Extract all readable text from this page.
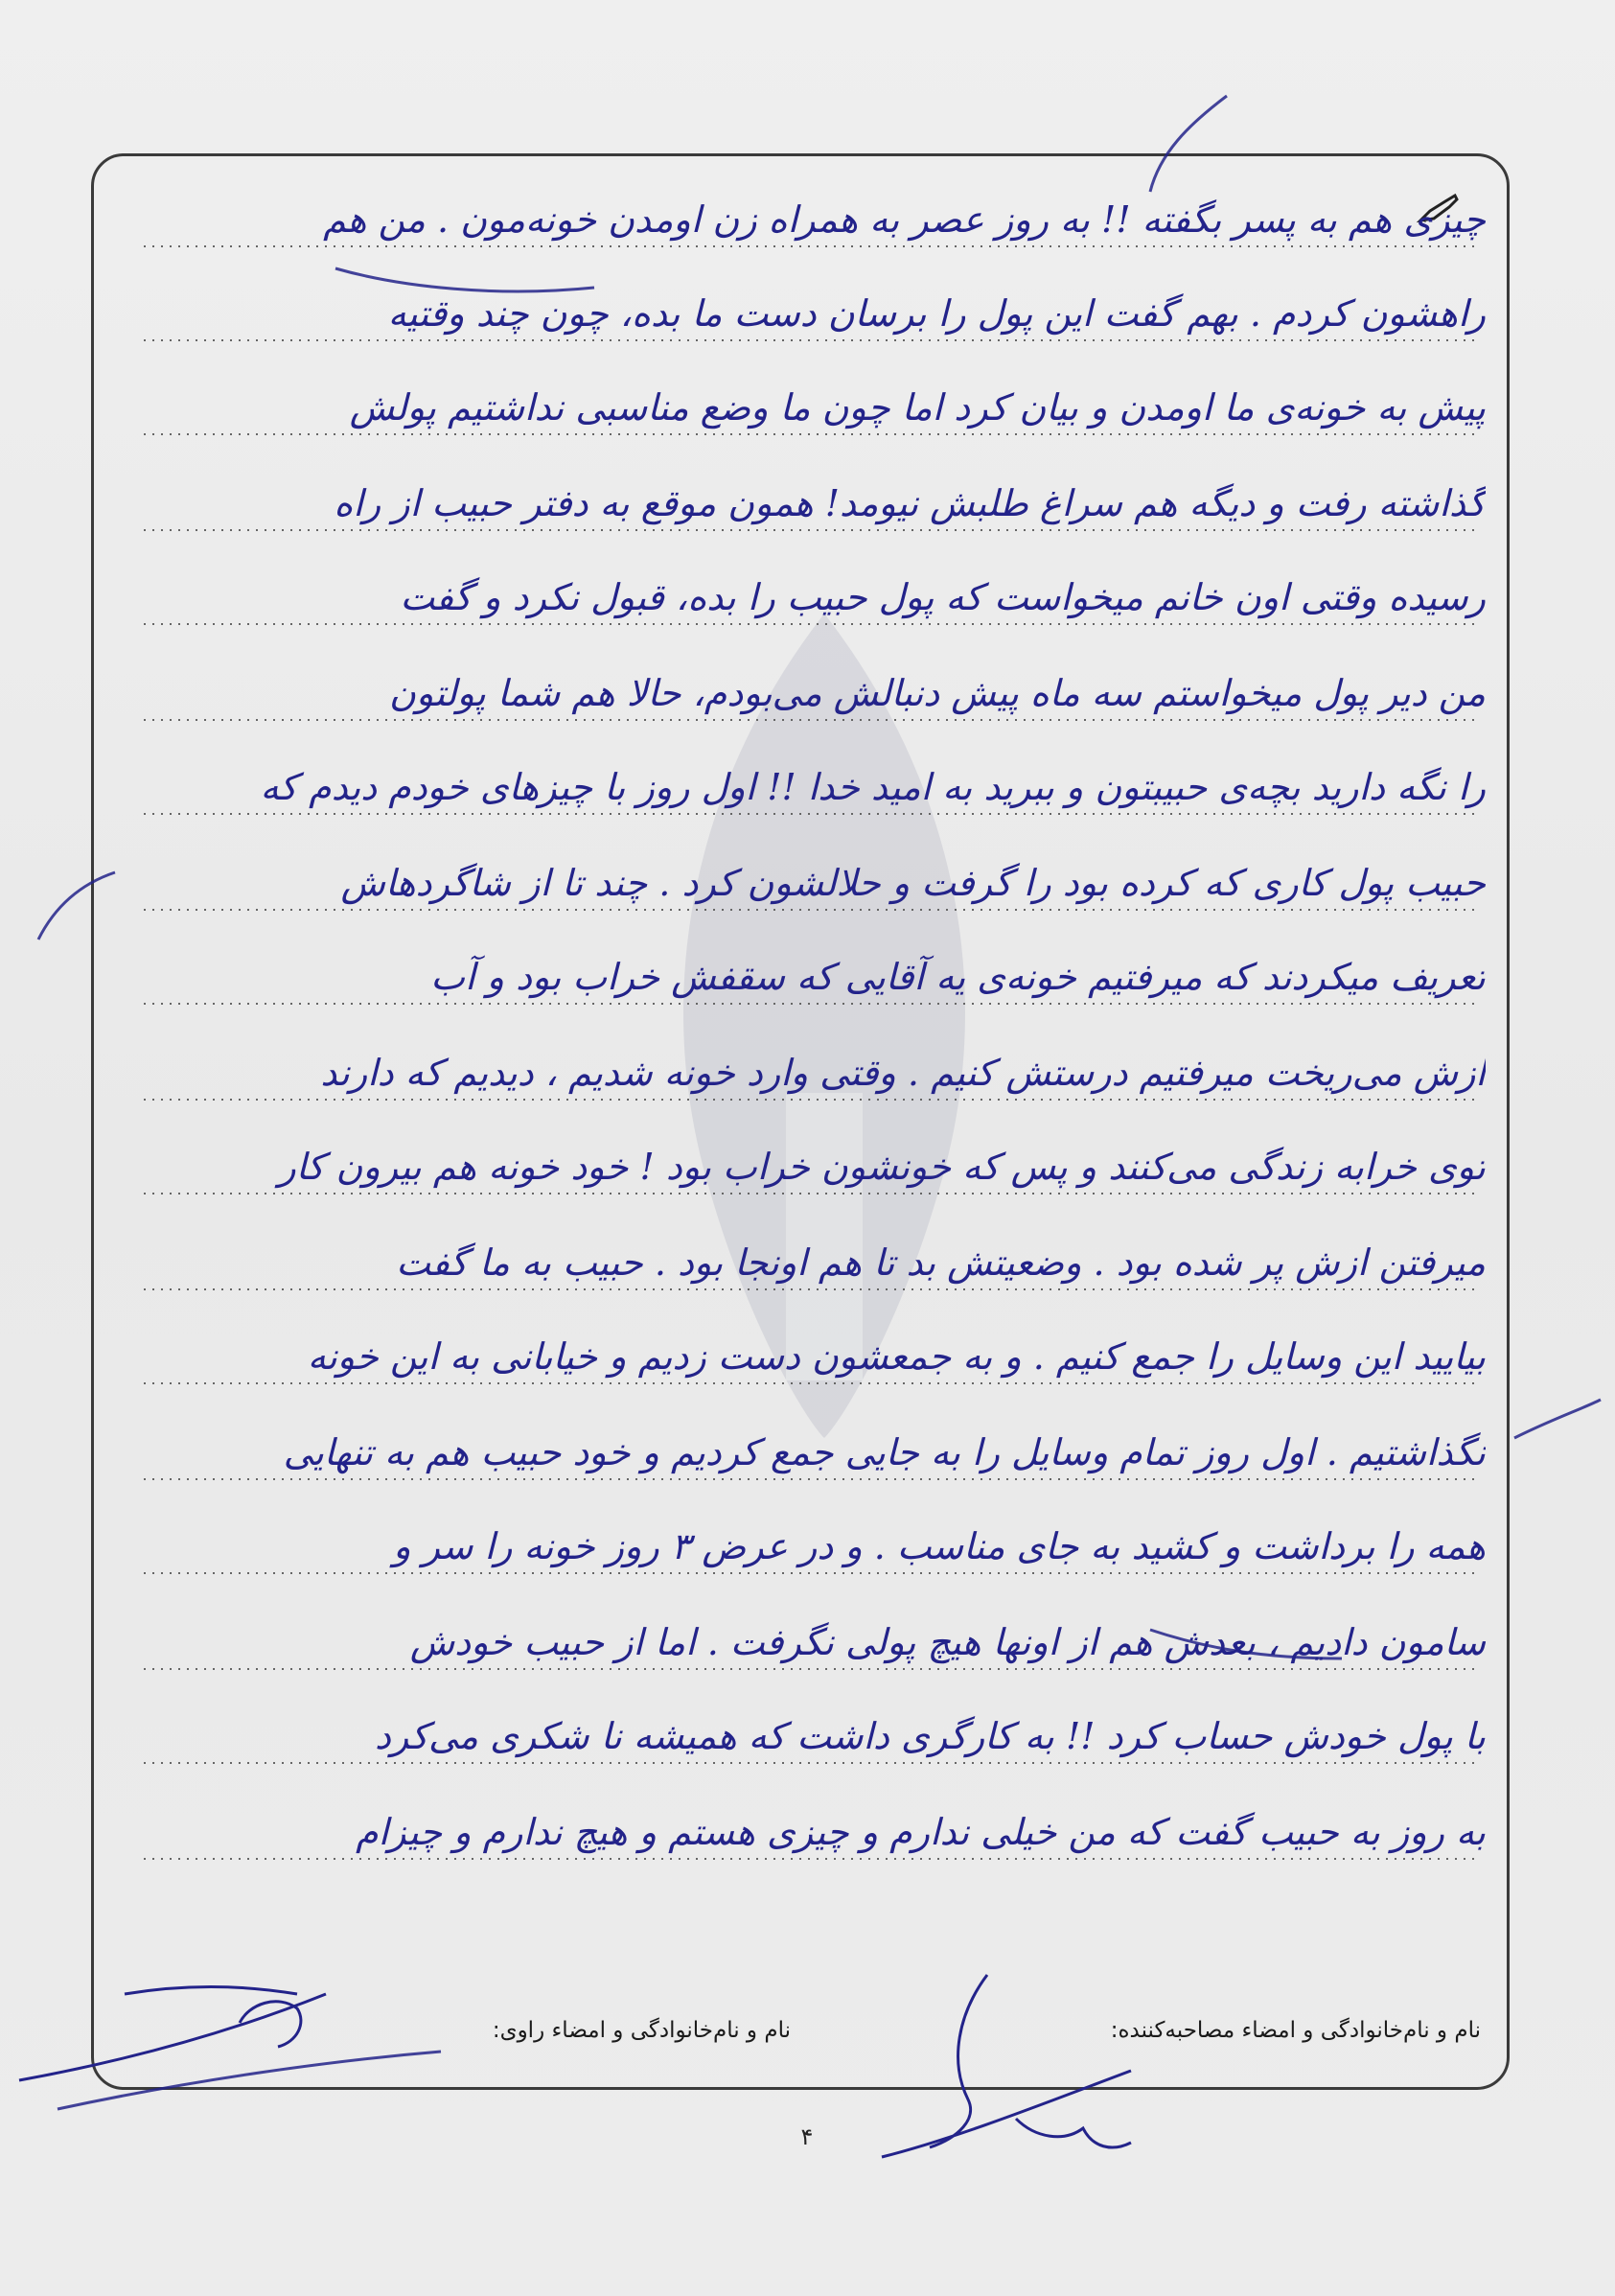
چیزی هم به پسر بگفته !! به روز عصر به همراه زن اومدن خونه‌مون . من هم
راهشون کردم . بهم گفت این پول را برسان دست ما بده، چون چند وقتیه
پیش به خونه‌ی ما اومدن و بیان کرد اما چون ما وضع مناسبی نداشتیم پولش
گذاشته رفت و دیگه هم سراغ طلبش نیومد! همون موقع به دفتر حبیب از راه
رسیده وقتی اون خانم میخواست که پول حبیب را بده، قبول نکرد و گفت
من دیر پول میخواستم سه ماه پیش دنبالش می‌بودم، حالا هم شما پولتون
را نگه دارید بچه‌ی حبیبتون و ببرید به امید خدا !! اول روز با چیزهای خودم دیدم که
حبیب پول کاری که کرده بود را گرفت و حلالشون کرد . چند تا از شاگردهاش
تعریف میکردند که میرفتیم خونه‌ی یه آقایی که سقفش خراب بود و آب
ازش می‌ریخت میرفتیم درستش کنیم . وقتی وارد خونه شدیم ، دیدیم که دارند
توی خرابه زندگی می‌کنند و پس که خونشون خراب بود ! خود خونه هم بیرون کار
میرفتن ازش پر شده بود . وضعیتش بد تا هم اونجا بود . حبیب به ما گفت
بیایید این وسایل را جمع کنیم . و به جمعشون دست زدیم و خیابانی به این خونه
نگذاشتیم . اول روز تمام وسایل را به جایی جمع کردیم و خود حبیب هم به تنهایی
همه را برداشت و کشید به جای مناسب . و در عرض ۳ روز خونه را سر و
سامون دادیم ، بعدش هم از اونها هیچ پولی نگرفت . اما از حبیب خودش
با پول خودش حساب کرد !! به کارگری داشت که همیشه نا شکری می‌کرد
به روز به حبیب گفت که من خیلی ندارم و چیزی هستم و هیچ ندارم و چیزام
نام و نام‌خانوادگی و امضاء مصاحبه‌کننده:
نام و نام‌خانوادگی و امضاء راوی:
۴
